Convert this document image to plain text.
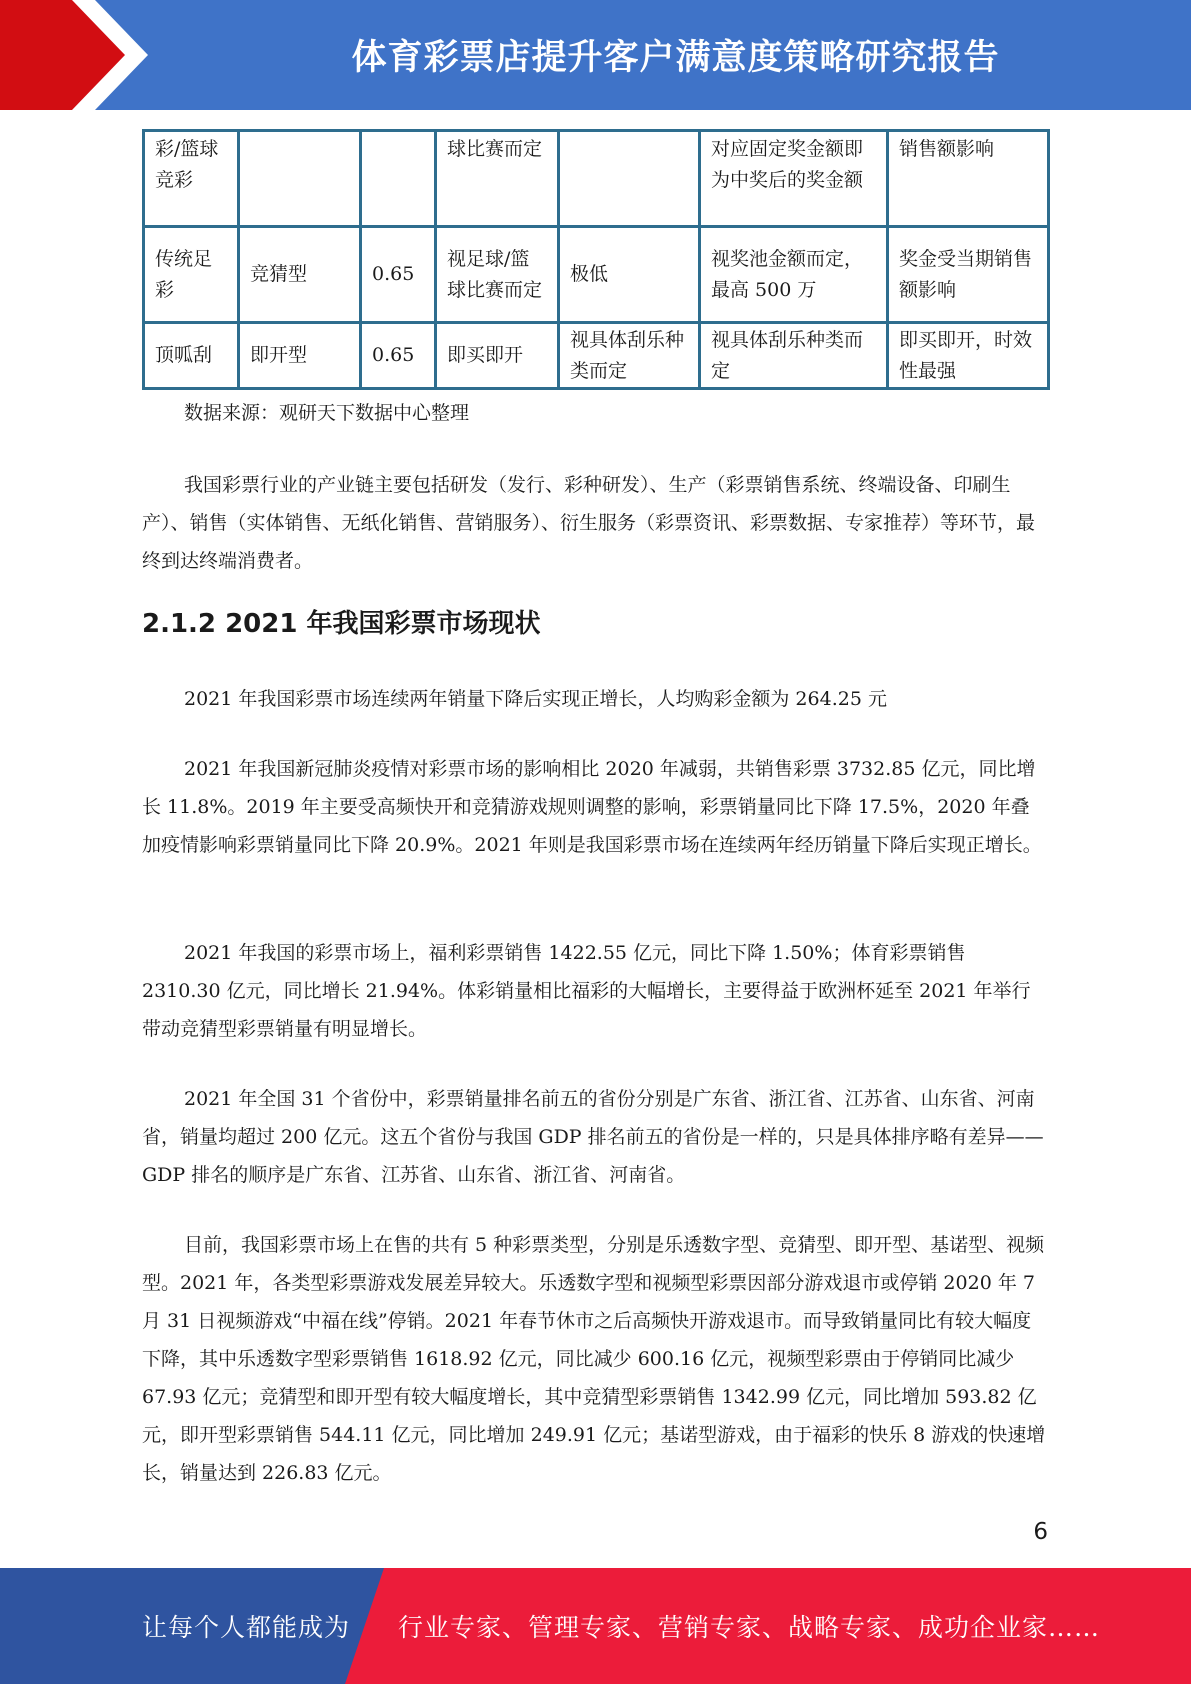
体育彩票店提升客户满意度策略研究报告
彩/篮球竞彩			球比赛而定		对应固定奖金额即为中奖后的奖金额	销售额影响
传统足彩	竞猜型	0.65	视足球/篮球比赛而定	极低	视奖池金额而定，最高 500 万	奖金受当期销售额影响
顶呱刮	即开型	0.65	即买即开	视具体刮乐种类而定	视具体刮乐种类而定	即买即开，时效性最强
数据来源：观研天下数据中心整理

我国彩票行业的产业链主要包括研发（发行、彩种研发）、生产（彩票销售系统、终端设备、印刷生产）、销售（实体销售、无纸化销售、营销服务）、衍生服务（彩票资讯、彩票数据、专家推荐）等环节，最终到达终端消费者。

2.1.2 2021 年我国彩票市场现状

2021 年我国彩票市场连续两年销量下降后实现正增长，人均购彩金额为 264.25 元

2021 年我国新冠肺炎疫情对彩票市场的影响相比 2020 年减弱，共销售彩票 3732.85 亿元，同比增长 11.8%。2019 年主要受高频快开和竞猜游戏规则调整的影响，彩票销量同比下降 17.5%，2020 年叠加疫情影响彩票销量同比下降 20.9%。2021 年则是我国彩票市场在连续两年经历销量下降后实现正增长。

2021 年我国的彩票市场上，福利彩票销售 1422.55 亿元，同比下降 1.50%；体育彩票销售 2310.30 亿元，同比增长 21.94%。体彩销量相比福彩的大幅增长，主要得益于欧洲杯延至 2021 年举行带动竞猜型彩票销量有明显增长。

2021 年全国 31 个省份中，彩票销量排名前五的省份分别是广东省、浙江省、江苏省、山东省、河南省，销量均超过 200 亿元。这五个省份与我国 GDP 排名前五的省份是一样的，只是具体排序略有差异——GDP 排名的顺序是广东省、江苏省、山东省、浙江省、河南省。

目前，我国彩票市场上在售的共有 5 种彩票类型，分别是乐透数字型、竞猜型、即开型、基诺型、视频型。2021 年，各类型彩票游戏发展差异较大。乐透数字型和视频型彩票因部分游戏退市或停销 2020 年 7 月 31 日视频游戏“中福在线”停销。2021 年春节休市之后高频快开游戏退市。而导致销量同比有较大幅度下降，其中乐透数字型彩票销售 1618.92 亿元，同比减少 600.16 亿元，视频型彩票由于停销同比减少 67.93 亿元；竞猜型和即开型有较大幅度增长，其中竞猜型彩票销售 1342.99 亿元，同比增加 593.82 亿元，即开型彩票销售 544.11 亿元，同比增加 249.91 亿元；基诺型游戏，由于福彩的快乐 8 游戏的快速增长，销量达到 226.83 亿元。

6
让每个人都能成为 行业专家、管理专家、营销专家、战略专家、成功企业家……
